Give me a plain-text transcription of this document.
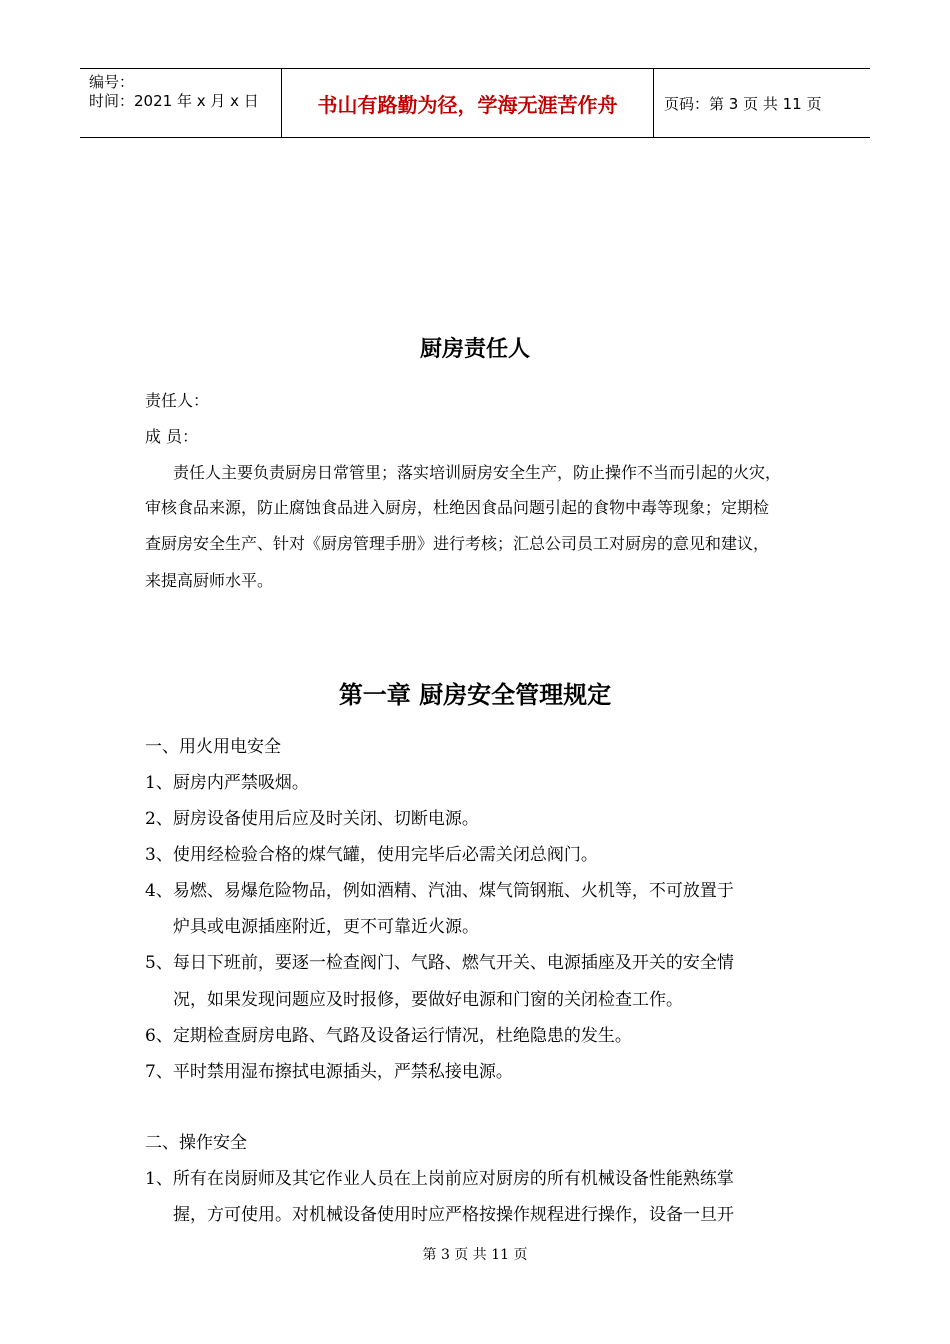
编号：
时间：2021 年 x 月 x 日	书山有路勤为径，学海无涯苦作舟	页码：第 3 页 共 11 页
厨房责任人
责任人：
成 员：
责任人主要负责厨房日常管里；落实培训厨房安全生产，防止操作不当而引起的火灾，
审核食品来源，防止腐蚀食品进入厨房，杜绝因食品问题引起的食物中毒等现象；定期检
查厨房安全生产、针对《厨房管理手册》进行考核；汇总公司员工对厨房的意见和建议，
来提高厨师水平。
第一章 厨房安全管理规定
一、用火用电安全
1、厨房内严禁吸烟。
2、厨房设备使用后应及时关闭、切断电源。
3、使用经检验合格的煤气罐，使用完毕后必需关闭总阀门。
4、易燃、易爆危险物品，例如酒精、汽油、煤气筒钢瓶、火机等，不可放置于
炉具或电源插座附近，更不可靠近火源。
5、每日下班前，要逐一检查阀门、气路、燃气开关、电源插座及开关的安全情
况，如果发现问题应及时报修，要做好电源和门窗的关闭检查工作。
6、定期检查厨房电路、气路及设备运行情况，杜绝隐患的发生。
7、平时禁用湿布擦拭电源插头，严禁私接电源。
二、操作安全
1、所有在岗厨师及其它作业人员在上岗前应对厨房的所有机械设备性能熟练掌
握，方可使用。对机械设备使用时应严格按操作规程进行操作，设备一旦开
第 3 页 共 11 页
